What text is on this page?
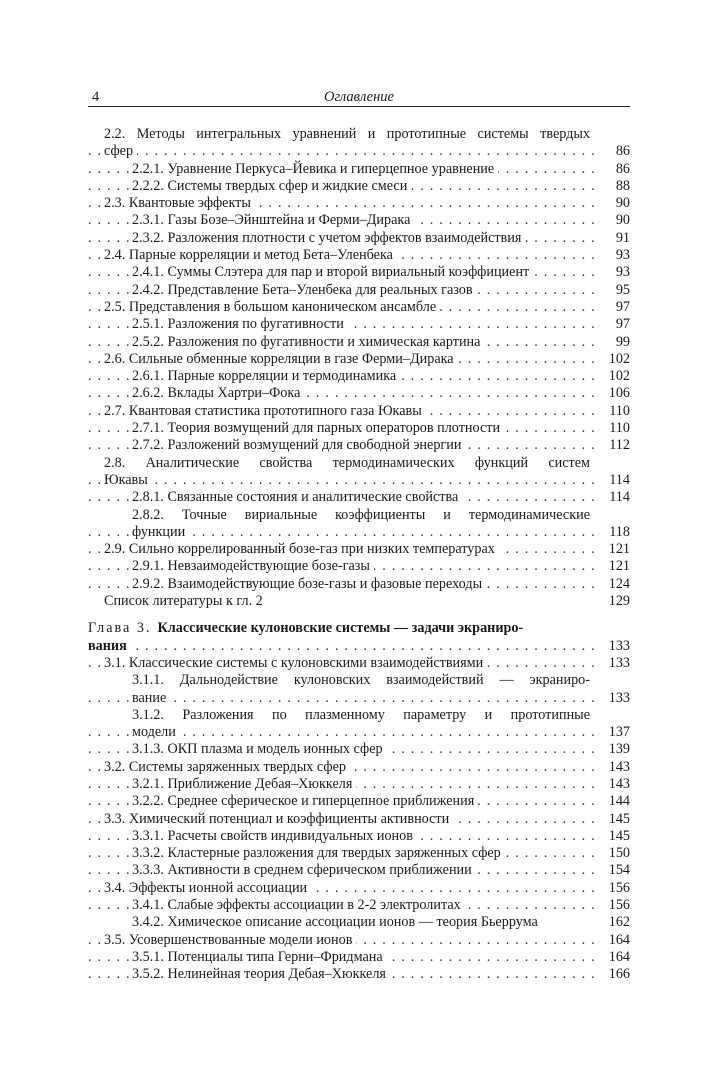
4	Оглавление
2.2. Методы интегральных уравнений и прототипные системы твердых
. . . сфер	86
. . . 2.2.1. Уравнение Перкуса–Йевика и гиперцепное уравнение	86
. . . 2.2.2. Системы твердых сфер и жидкие смеси	88
. . . 2.3. Квантовые эффекты	90
. . . 2.3.1. Газы Бозе–Эйнштейна и Ферми–Дирака	90
. . . 2.3.2. Разложения плотности с учетом эффектов взаимодействия	91
. . . 2.4. Парные корреляции и метод Бета–Уленбека	93
. . . 2.4.1. Суммы Слэтера для пар и второй вириальный коэффициент	93
. . . 2.4.2. Представление Бета–Уленбека для реальных газов	95
. . . 2.5. Представления в большом каноническом ансамбле	97
. . . 2.5.1. Разложения по фугативности	97
. . . 2.5.2. Разложения по фугативности и химическая картина	99
. . . 2.6. Сильные обменные корреляции в газе Ферми–Дирака	102
. . . 2.6.1. Парные корреляции и термодинамика	102
. . . 2.6.2. Вклады Хартри–Фока	106
. . . 2.7. Квантовая статистика прототипного газа Юкавы	110
. . . 2.7.1. Теория возмущений для парных операторов плотности	110
. . . 2.7.2. Разложений возмущений для свободной энергии	112
2.8. Аналитические свойства термодинамических функций систем
. . . Юкавы	114
. . . 2.8.1. Связанные состояния и аналитические свойства	114
2.8.2. Точные вириальные коэффициенты и термодинамические
. . . функции	118
. . . 2.9. Сильно коррелированный бозе-газ при низких температурах	121
. . . 2.9.1. Невзаимодействующие бозе-газы	121
. . . 2.9.2. Взаимодействующие бозе-газы и фазовые переходы	124
Список литературы к гл. 2	129
Глава 3. Классические кулоновские системы — задачи экраниро-
. . . вания	133
. . . 3.1. Классические системы с кулоновскими взаимодействиями	133
3.1.1. Дальнодействие кулоновских взаимодействий — экраниро-
. . . вание	133
3.1.2. Разложения по плазменному параметру и прототипные
. . . модели	137
. . . 3.1.3. ОКП плазма и модель ионных сфер	139
. . . 3.2. Системы заряженных твердых сфер	143
. . . 3.2.1. Приближение Дебая–Хюккеля	143
. . . 3.2.2. Среднее сферическое и гиперцепное приближения	144
. . . 3.3. Химический потенциал и коэффициенты активности	145
. . . 3.3.1. Расчеты свойств индивидуальных ионов	145
. . . 3.3.2. Кластерные разложения для твердых заряженных сфер	150
. . . 3.3.3. Активности в среднем сферическом приближении	154
. . . 3.4. Эффекты ионной ассоциации	156
. . . 3.4.1. Слабые эффекты ассоциации в 2-2 электролитах	156
3.4.2. Химическое описание ассоциации ионов — теория Бьеррума	162
. . . 3.5. Усовершенствованные модели ионов	164
. . . 3.5.1. Потенциалы типа Герни–Фридмана	164
. . . 3.5.2. Нелинейная теория Дебая–Хюккеля	166
